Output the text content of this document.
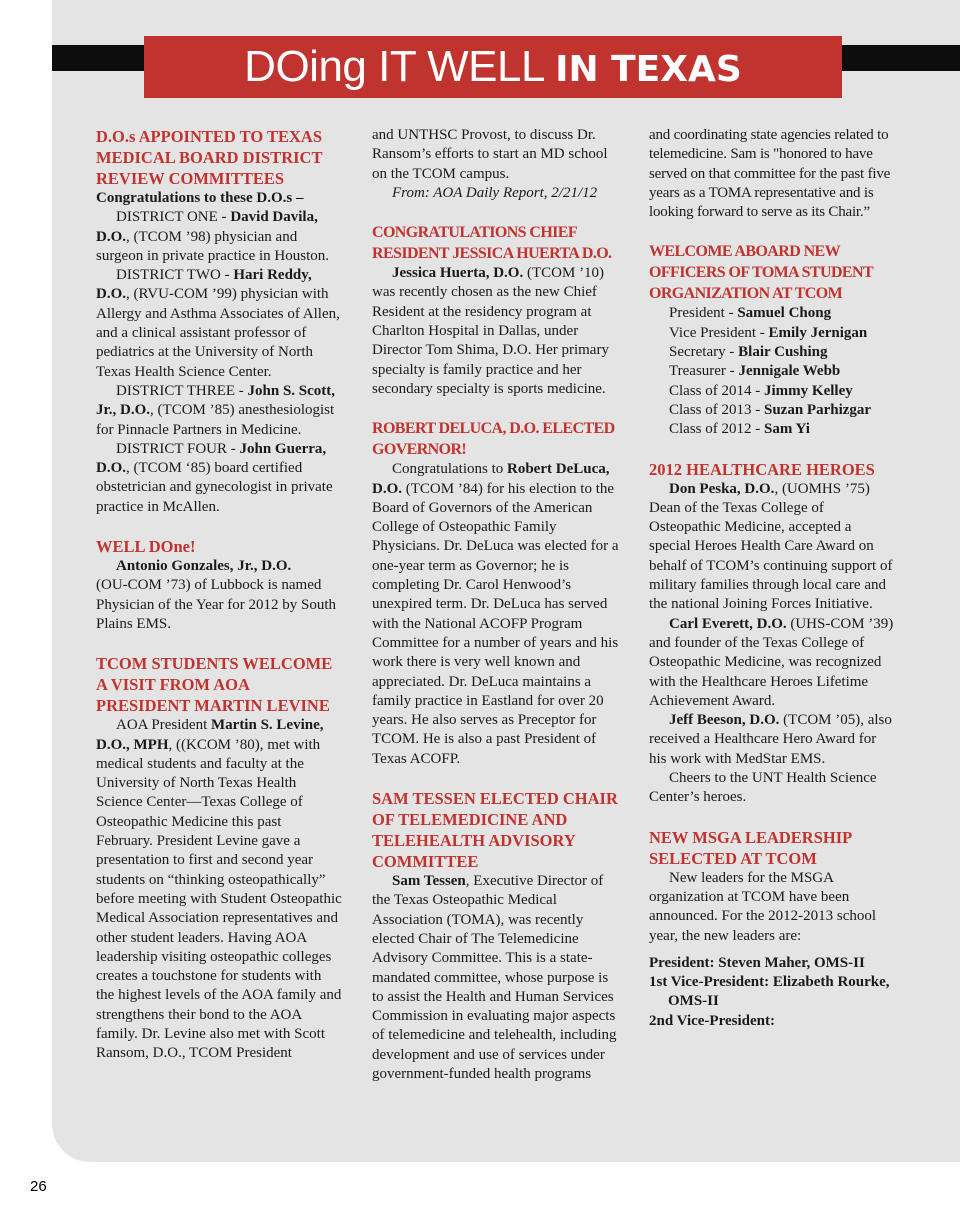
DOing IT WELL IN TEXAS

D.O.s APPOINTED TO TEXAS MEDICAL BOARD DISTRICT REVIEW COMMITTEES

Congratulations to these D.O.s –

DISTRICT ONE - David Davila, D.O., (TCOM ’98) physician and surgeon in private practice in Houston.

DISTRICT TWO - Hari Reddy, D.O., (RVU-COM ’99) physician with Allergy and Asthma Associates of Allen, and a clinical assistant professor of pediatrics at the University of North Texas Health Science Center.

DISTRICT THREE - John S. Scott, Jr., D.O., (TCOM ’85) anesthesiologist for Pinnacle Partners in Medicine.

DISTRICT FOUR - John Guerra, D.O., (TCOM ‘85) board certified obstetrician and gynecologist in private practice in McAllen.

WELL DOne!

Antonio Gonzales, Jr., D.O.

(OU-COM ’73) of Lubbock is named Physician of the Year for 2012 by South Plains EMS.

TCOM STUDENTS WELCOME A VISIT FROM AOA PRESIDENT MARTIN LEVINE

AOA President Martin S. Levine, D.O., MPH, ((KCOM ’80), met with medical students and faculty at the University of North Texas Health Science Center—Texas College of Osteopathic Medicine this past February. President Levine gave a presentation to first and second year students on “thinking osteopathically” before meeting with Student Osteopathic Medical Association representatives and other student leaders. Having AOA leadership visiting osteopathic colleges creates a touchstone for students with the highest levels of the AOA family and strengthens their bond to the AOA family. Dr. Levine also met with Scott Ransom, D.O., TCOM President

and UNTHSC Provost, to discuss Dr. Ransom’s efforts to start an MD school on the TCOM campus.

From: AOA Daily Report, 2/21/12

CONGRATULATIONS CHIEF RESIDENT JESSICA HUERTA D.O.

Jessica Huerta, D.O. (TCOM ’10) was recently chosen as the new Chief Resident at the residency program at Charlton Hospital in Dallas, under Director Tom Shima, D.O. Her primary specialty is family practice and her secondary specialty is sports medicine.

ROBERT DELUCA, D.O. ELECTED GOVERNOR!

Congratulations to Robert DeLuca, D.O. (TCOM ’84) for his election to the Board of Governors of the American College of Osteopathic Family Physicians. Dr. DeLuca was elected for a one-year term as Governor; he is completing Dr. Carol Henwood’s unexpired term. Dr. DeLuca has served with the National ACOFP Program Committee for a number of years and his work there is very well known and appreciated. Dr. DeLuca maintains a family practice in Eastland for over 20 years. He also serves as Preceptor for TCOM. He is also a past President of Texas ACOFP.

SAM TESSEN ELECTED CHAIR OF TELEMEDICINE AND TELEHEALTH ADVISORY COMMITTEE

Sam Tessen, Executive Director of the Texas Osteopathic Medical Association (TOMA), was recently elected Chair of The Telemedicine Advisory Committee. This is a state-mandated committee, whose purpose is to assist the Health and Human Services Commission in evaluating major aspects of telemedicine and telehealth, including development and use of services under government-funded health programs

and coordinating state agencies related to telemedicine. Sam is "honored to have served on that committee for the past five years as a TOMA representative and is looking forward to serve as its Chair.”

WELCOME ABOARD NEW OFFICERS OF TOMA STUDENT ORGANIZATION AT TCOM

President - Samuel Chong

Vice President - Emily Jernigan

Secretary - Blair Cushing

Treasurer - Jennigale Webb

Class of 2014 - Jimmy Kelley

Class of 2013 - Suzan Parhizgar

Class of 2012 - Sam Yi

2012 HEALTHCARE HEROES

Don Peska, D.O., (UOMHS ’75) Dean of the Texas College of Osteopathic Medicine, accepted a special Heroes Health Care Award on behalf of TCOM’s continuing support of military families through local care and the national Joining Forces Initiative.

Carl Everett, D.O. (UHS-COM ’39) and founder of the Texas College of Osteopathic Medicine, was recognized with the Healthcare Heroes Lifetime Achievement Award.

Jeff Beeson, D.O. (TCOM ’05), also received a Healthcare Hero Award for his work with MedStar EMS.

Cheers to the UNT Health Science Center’s heroes.

NEW MSGA LEADERSHIP SELECTED AT TCOM

New leaders for the MSGA organization at TCOM have been announced. For the 2012-2013 school year, the new leaders are:

President: Steven Maher, OMS-II

1st Vice-President: Elizabeth Rourke, OMS-II

2nd Vice-President:

26
